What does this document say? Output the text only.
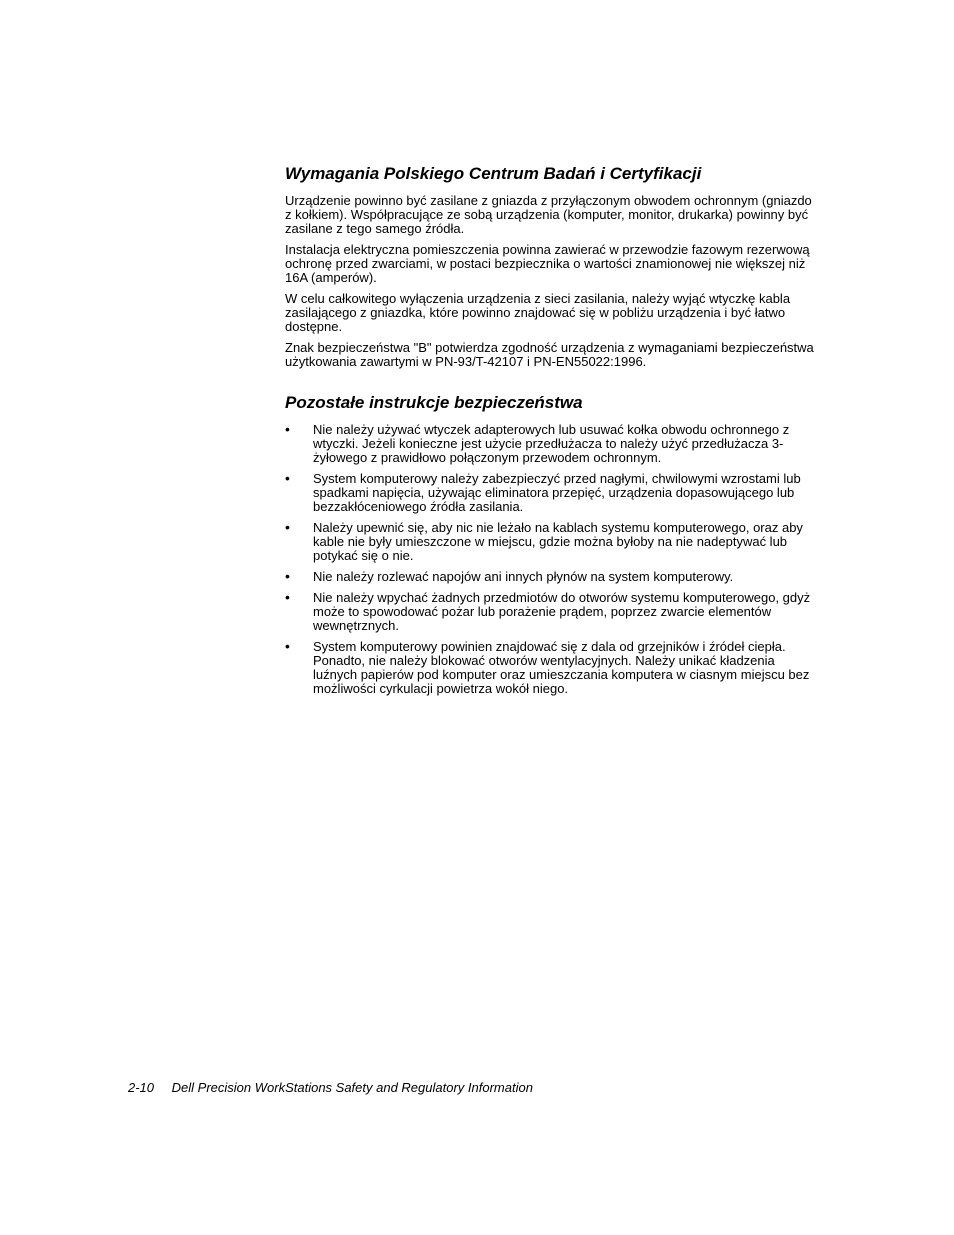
Wymagania Polskiego Centrum Badań i Certyfikacji

Urządzenie powinno być zasilane z gniazda z przyłączonym obwodem ochronnym (gniazdo z kołkiem). Współpracujące ze sobą urządzenia (komputer, monitor, drukarka) powinny być zasilane z tego samego źródła.

Instalacja elektryczna pomieszczenia powinna zawierać w przewodzie fazowym rezerwową ochronę przed zwarciami, w postaci bezpiecznika o wartości znamionowej nie większej niż 16A (amperów).

W celu całkowitego wyłączenia urządzenia z sieci zasilania, należy wyjąć wtyczkę kabla zasilającego z gniazdka, które powinno znajdować się w pobliżu urządzenia i być łatwo dostępne.

Znak bezpieczeństwa "B" potwierdza zgodność urządzenia z wymaganiami bezpieczeństwa użytkowania zawartymi w PN-93/T-42107 i PN-EN55022:1996.

Pozostałe instrukcje bezpieczeństwa
• Nie należy używać wtyczek adapterowych lub usuwać kołka obwodu ochronnego z wtyczki. Jeżeli konieczne jest użycie przedłużacza to należy użyć przedłużacza 3-żyłowego z prawidłowo połączonym przewodem ochronnym.
• System komputerowy należy zabezpieczyć przed nagłymi, chwilowymi wzrostami lub spadkami napięcia, używając eliminatora przepięć, urządzenia dopasowującego lub bezzakłóceniowego źródła zasilania.
• Należy upewnić się, aby nic nie leżało na kablach systemu komputerowego, oraz aby kable nie były umieszczone w miejscu, gdzie można byłoby na nie nadeptywać lub potykać się o nie.
• Nie należy rozlewać napojów ani innych płynów na system komputerowy.
• Nie należy wpychać żadnych przedmiotów do otworów systemu komputerowego, gdyż może to spowodować pożar lub porażenie prądem, poprzez zwarcie elementów wewnętrznych.
• System komputerowy powinien znajdować się z dala od grzejników i źródeł ciepła. Ponadto, nie należy blokować otworów wentylacyjnych. Należy unikać kładzenia luźnych papierów pod komputer oraz umieszczania komputera w ciasnym miejscu bez możliwości cyrkulacji powietrza wokół niego.
2-10 Dell Precision WorkStations Safety and Regulatory Information
